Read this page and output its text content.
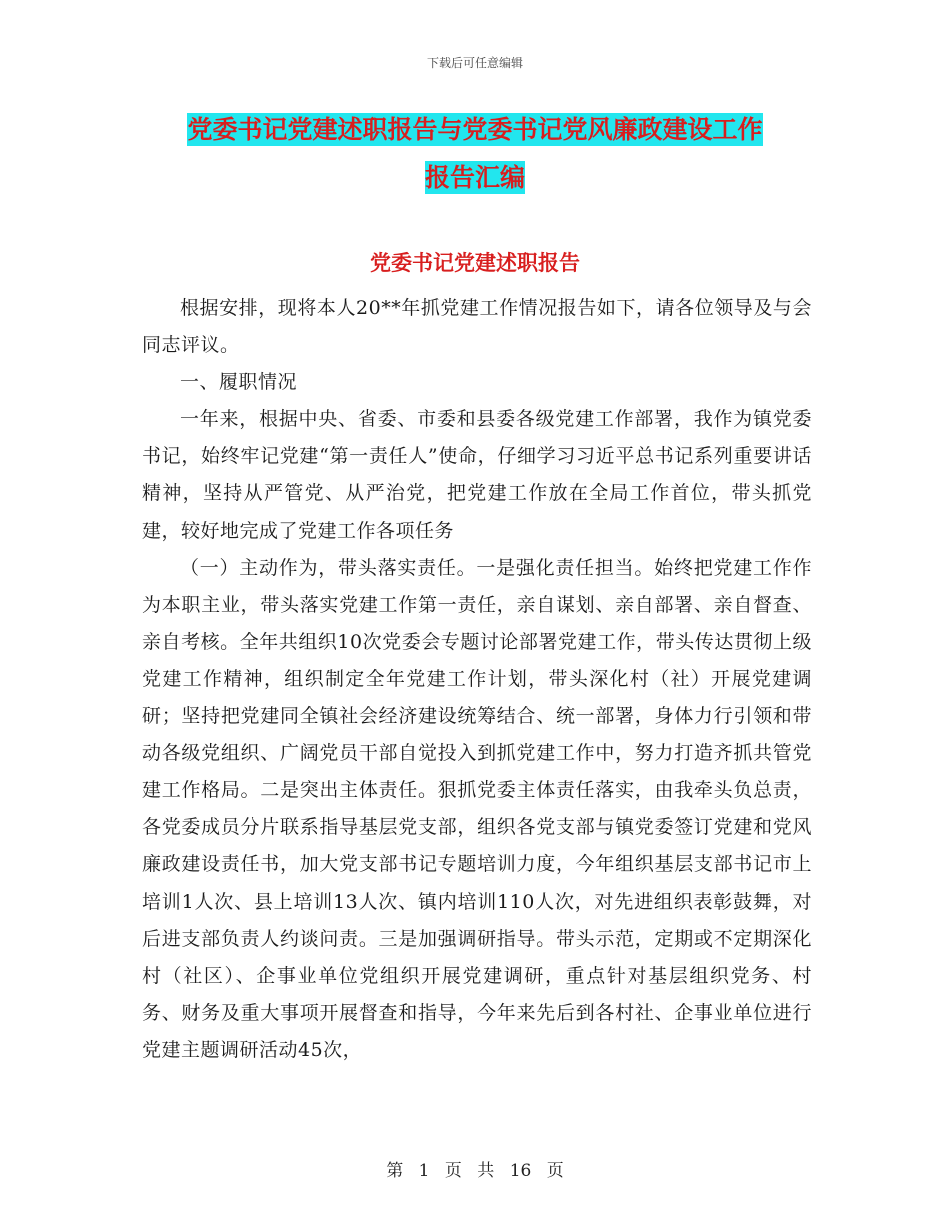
下载后可任意编辑
党委书记党建述职报告与党委书记党风廉政建设工作
报告汇编
党委书记党建述职报告

根据安排，现将本人20**年抓党建工作情况报告如下，请各位领导及与会同志评议。

一、履职情况

一年来，根据中央、省委、市委和县委各级党建工作部署，我作为镇党委书记，始终牢记党建“第一责任人”使命，仔细学习习近平总书记系列重要讲话精神，坚持从严管党、从严治党，把党建工作放在全局工作首位，带头抓党建，较好地完成了党建工作各项任务

（一）主动作为，带头落实责任。一是强化责任担当。始终把党建工作作为本职主业，带头落实党建工作第一责任，亲自谋划、亲自部署、亲自督查、亲自考核。全年共组织10次党委会专题讨论部署党建工作，带头传达贯彻上级党建工作精神，组织制定全年党建工作计划，带头深化村（社）开展党建调研；坚持把党建同全镇社会经济建设统筹结合、统一部署，身体力行引领和带动各级党组织、广阔党员干部自觉投入到抓党建工作中，努力打造齐抓共管党建工作格局。二是突出主体责任。狠抓党委主体责任落实，由我牵头负总责，各党委成员分片联系指导基层党支部，组织各党支部与镇党委签订党建和党风廉政建设责任书，加大党支部书记专题培训力度，今年组织基层支部书记市上培训1人次、县上培训13人次、镇内培训110人次，对先进组织表彰鼓舞，对后进支部负责人约谈问责。三是加强调研指导。带头示范，定期或不定期深化村（社区）、企事业单位党组织开展党建调研，重点针对基层组织党务、村务、财务及重大事项开展督查和指导，今年来先后到各村社、企事业单位进行党建主题调研活动45次，

第 1 页 共 16 页
